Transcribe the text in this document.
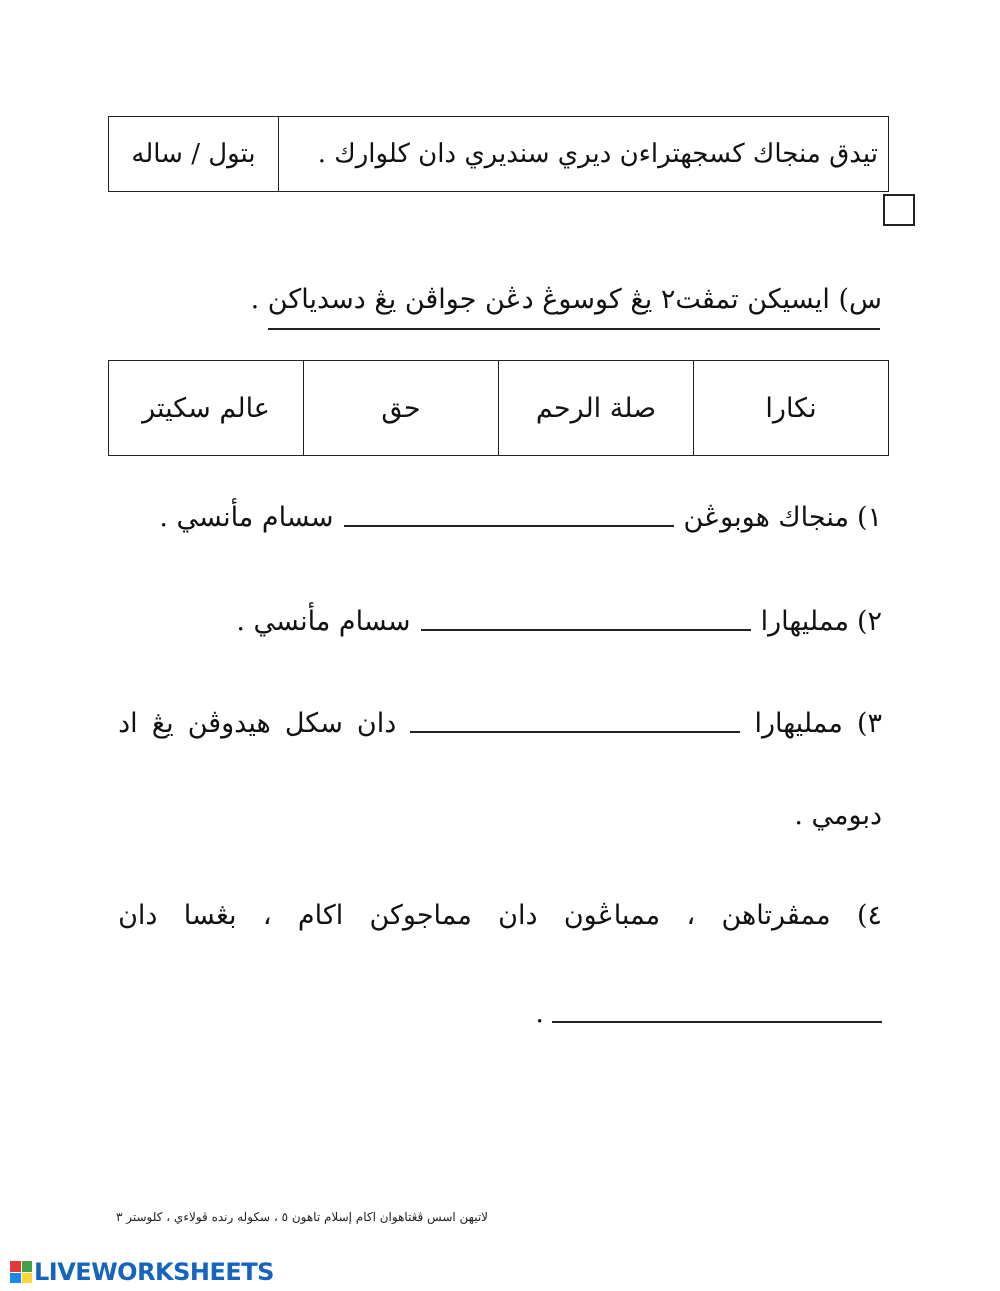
تيدق منجاك كسجهتراءن ديري سنديري دان كلوارك .
بتول / ساله
س) ايسيكن تمڤت٢ يڠ كوسوڠ دڠن جواڤن يڠ دسدياكن .
نكارا
صلة الرحم
حق
عالم سکيتر
١)
منجاك هوبوڠن
سسام مأنسي .
٢)
ممليهارا
سسام مأنسي .
٣)
ممليهارا
دان
سکل
هيدوڤن
يڠ
اد
دبومي .
٤)
ممڤرتاهن
،
ممباڠون
دان
مماجوکن
اکام
،
بڠسا
دان
.
لاتيهن اسس ڤڠتاهوان اکام إسلام تاهون ٥ ، سکوله رنده ڤولاءي ، کلوستر ٣
LIVEWORKSHEETS
